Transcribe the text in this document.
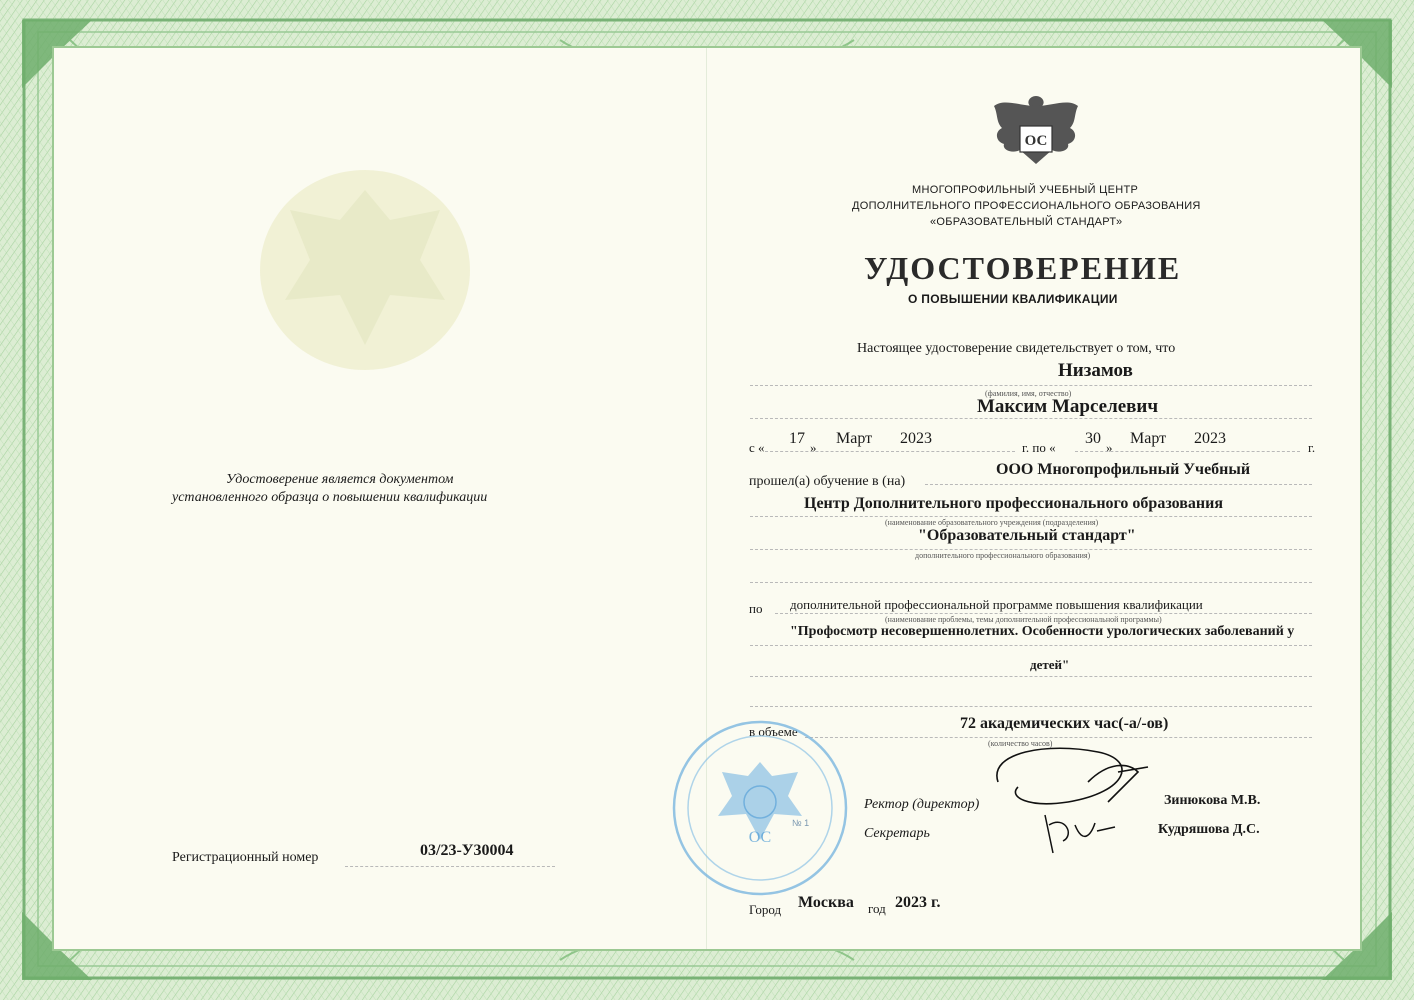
Удостоверение является документом
установленного образца о повышении квалификации
Регистрационный номер	03/23-У30004
ОС
МНОГОПРОФИЛЬНЫЙ УЧЕБНЫЙ ЦЕНТР
ДОПОЛНИТЕЛЬНОГО ПРОФЕССИОНАЛЬНОГО ОБРАЗОВАНИЯ
«ОБРАЗОВАТЕЛЬНЫЙ СТАНДАРТ»
УДОСТОВЕРЕНИЕ
О ПОВЫШЕНИИ КВАЛИФИКАЦИИ
Настоящее удостоверение свидетельствует о том, что
Низамов
(фамилия, имя, отчество)
Максим Марселевич
с «
17
»
Март 2023
г. по «
30
»
Март 2023
г.
прошел(а) обучение в (на)
ООО Многопрофильный Учебный
Центр Дополнительного профессионального образования
(наименование образовательного учреждения (подразделения)
"Образовательный стандарт"
дополнительного профессионального образования)
по дополнительной профессиональной программе повышения квалификации
(наименование проблемы, темы дополнительной профессиональной программы)
"Профосмотр несовершеннолетних. Особенности урологических заболеваний у
детей"
в объеме	72 академических час(-а/-ов)
(количество часов)
ОС
№ 1
Ректор (директор)	Зинюкова М.В.
Секретарь	Кудряшова Д.С.
Город Москва год 2023 г.
